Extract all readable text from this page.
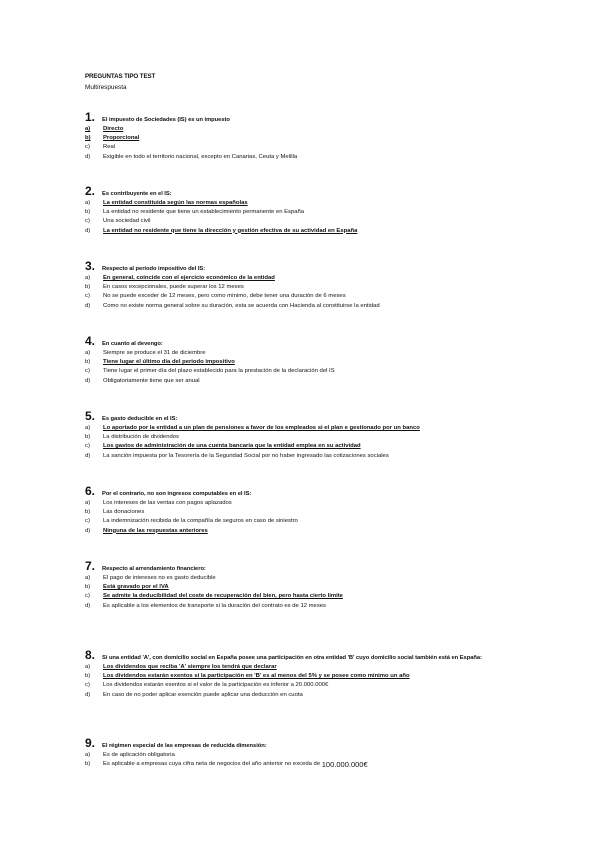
PREGUNTAS TIPO TEST
Multirespuesta
1.	El impuesto de Sociedades (IS) es un impuesto
a)	Directo
b)	Proporcional
c)	Real
d)	Exigible en todo el territorio nacional, excepto en Canarias, Ceuta y Melilla
2.	Es contribuyente en el IS:
a)	La entidad constituida según las normas españolas
b)	La entidad no residente que tiene un establecimiento permanente en España
c)	Una sociedad civil
d)	La entidad no residente que tiene la dirección y gestión efectiva de su actividad en España
3.	Respecto al período impositivo del IS:
a)	En general, coincide con el ejercicio económico de la entidad
b)	En casos excepcionales, puede superar los 12 meses
c)	No se puede exceder de 12 meses, pero como mínimo, debe tener una duración de 6 meses
d)	Como no existe norma general sobre su duración, esta se acuerda con Hacienda al constituirse la entidad
4.	En cuanto al devengo:
a)	Siempre se produce el 31 de diciembre
b)	Tiene lugar el último día del periodo impositivo
c)	Tiene lugar el primer día del plazo establecido para la prestación de la declaración del IS
d)	Obligatoriamente tiene que ser anual
5.	Es gasto deducible en el IS:
a)	Lo aportado por la entidad a un plan de pensiones a favor de los empleados si el plan e gestionado por un banco
b)	La distribución de dividendos
c)	Los gastos de administración de una cuenta bancaria que la entidad emplea en su actividad
d)	La sanción impuesta por la Tesorería de la Seguridad Social por no haber ingresado las cotizaciones sociales
6.	Por el contrario, no son ingresos computables en el IS:
a)	Los intereses de las ventas con pagos aplazados
b)	Las donaciones
c)	La indemnización recibida de la compañía de seguros en caso de siniestro
d)	Ninguna de las respuestas anteriores
7.	Respecto al arrendamiento financiero:
a)	El pago de intereses no es gasto deducible
b)	Está gravado por el IVA
c)	Se admite la deducibilidad del coste de recuperación del bien, pero hasta cierto límite
d)	Es aplicable a los elementos de transporte si la duración del contrato es de 12 meses
8.	Si una entidad 'A', con domicilio social en España posee una participación en otra entidad 'B' cuyo domicilio social también está en España:
a)	Los dividendos que reciba 'A' siempre los tendrá que declarar
b)	Los dividendos estarán exentos si la participación en 'B' es al menos del 5% y se posee como mínimo un año
c)	Los dividendos estarán exentos si el valor de la participación es inferior a 20.000.000€
d)	En caso de no poder aplicar exención puede aplicar una deducción en cuota
9.	El régimen especial de las empresas de reducida dimensión:
a)	Es de aplicación obligatoria
b)	Es aplicable a empresas cuya cifra neta de negocios del año anterior no exceda de
100.000.000€
